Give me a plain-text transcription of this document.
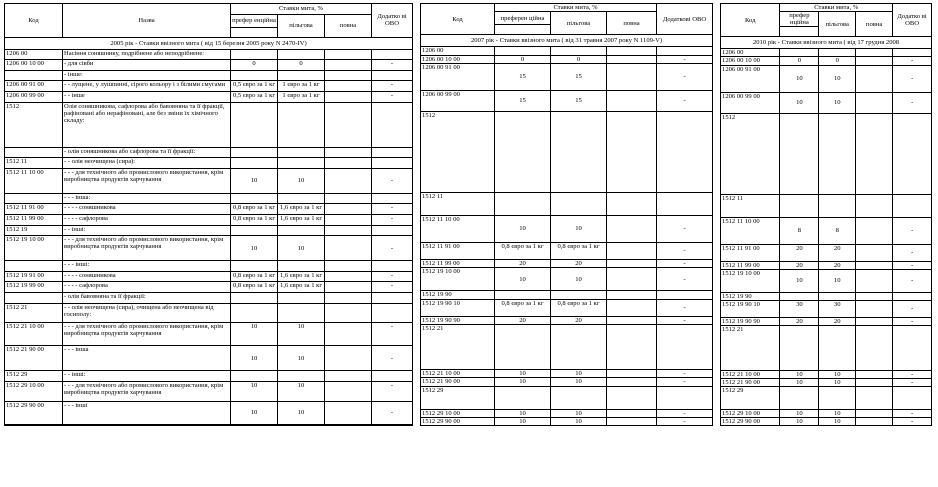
Код	Назва	Ставки мита, %			Додатко ві ОВО
		префер енційна	пільгова	повна	

2005 рік - Ставки ввізного мита ( від 15 березня 2005 року N 2470-IV)					
1206 00	Насіння соняшнику, подрібнене або неподрібнене:				
1206 00 10 00	- для сівби	0	0		-
	- інше:				
1206 00 91 00	- - лущене, у лушпинні, сірого кольору і з білими смугами	0,5 євро за 1 кг	1 євро за 1 кг		-
1206 00 99 00	- - інше	0,5 євро за 1 кг	1 євро за 1 кг		-
1512	Олія соняшникова, сафлорова або бавовняна та її фракції, рафіновані або нерафіновані, але без зміни їх хімічного складу:				
	- олія соняшникова або сафлорова та її фракції:				
1512 11	- - олія неочищена (сира):				
1512 11 10 00	- - - для технічного або промислового використання, крім виробництва продуктів харчування	10	10		-
	- - - інша:				
1512 11 91 00	- - - - соняшникова	0,8 євро за 1 кг	1,6 євро за 1 кг		-
1512 11 99 00	- - - - сафлорова	0,8 євро за 1 кг	1,6 євро за 1 кг		-
1512 19	- - інші:				
1512 19 10 00	- - - для технічного або промислового використання, крім виробництва продуктів харчування	10	10		-
	- - - інші:				
1512 19 91 00	- - - - соняшникова	0,8 євро за 1 кг	1,6 євро за 1 кг		-
1512 19 99 00	- - - - сафлорова	0,8 євро за 1 кг	1,6 євро за 1 кг		-
	- олія бавовняна та її фракції:				
1512 21	- - олія неочищена (сира), очищена або неочищена від госиполу:				
1512 21 10 00	- - - для технічного або промислового використання, крім виробництва продуктів харчування	10	10		-
1512 21 90 00	- - - інша	10	10		-
1512 29	- - інші:				
1512 29 10 00	- - - для технічного або промислового використання, крім виробництва продуктів харчування	10	10		-
1512 29 90 00	- - - інші	10	10		-

Код	Ставки мита, %			Додаткові ОВО
	преферен ційна	пільгова	повна	

2007 рік - Ставки ввізного мита ( від 31 травня 2007 року N 1109-V)				
1206 00				
1206 00 10 00	0	0		-
1206 00 91 00	15	15		-
1206 00 99 00	15	15		-
1512				
1512 11				
1512 11 10 00	10	10		-
1512 11 91 00	0,8 євро за 1 кг	0,8 євро за 1 кг		-
1512 11 99 00	20	20		-
1512 19 10 00	10	10		-
1512 19 90				
1512 19 90 10	0,8 євро за 1 кг	0,8 євро за 1 кг		-
1512 19 90 90	20	20		-
1512 21				
1512 21 10 00	10	10		-
1512 21 90 00	10	10		-
1512 29				
1512 29 10 00	10	10		-
1512 29 90 00	10	10		-
Код	Ставки мита, %			Додатко ві ОВО
	префер нційна	пільгова	повна	

2010 рік - Ставки ввізного мита ( від 17 грудня 2008				
1206 00				
1206 00 10 00	0	0		-
1206 00 91 00	10	10		-
1206 00 99 00	10	10		-
1512				
1512 11				
1512 11 10 00	8	8		-
1512 11 91 00	20	20		-
1512 11 99 00	20	20		-
1512 19 10 00	10	10		-
1512 19 90				
1512 19 90 10	30	30		-
1512 19 90 90	20	20		-
1512 21				
1512 21 10 00	10	10		-
1512 21 90 00	10	10		-
1512 29				
1512 29 10 00	10	10		-
1512 29 90 00	10	10		-
